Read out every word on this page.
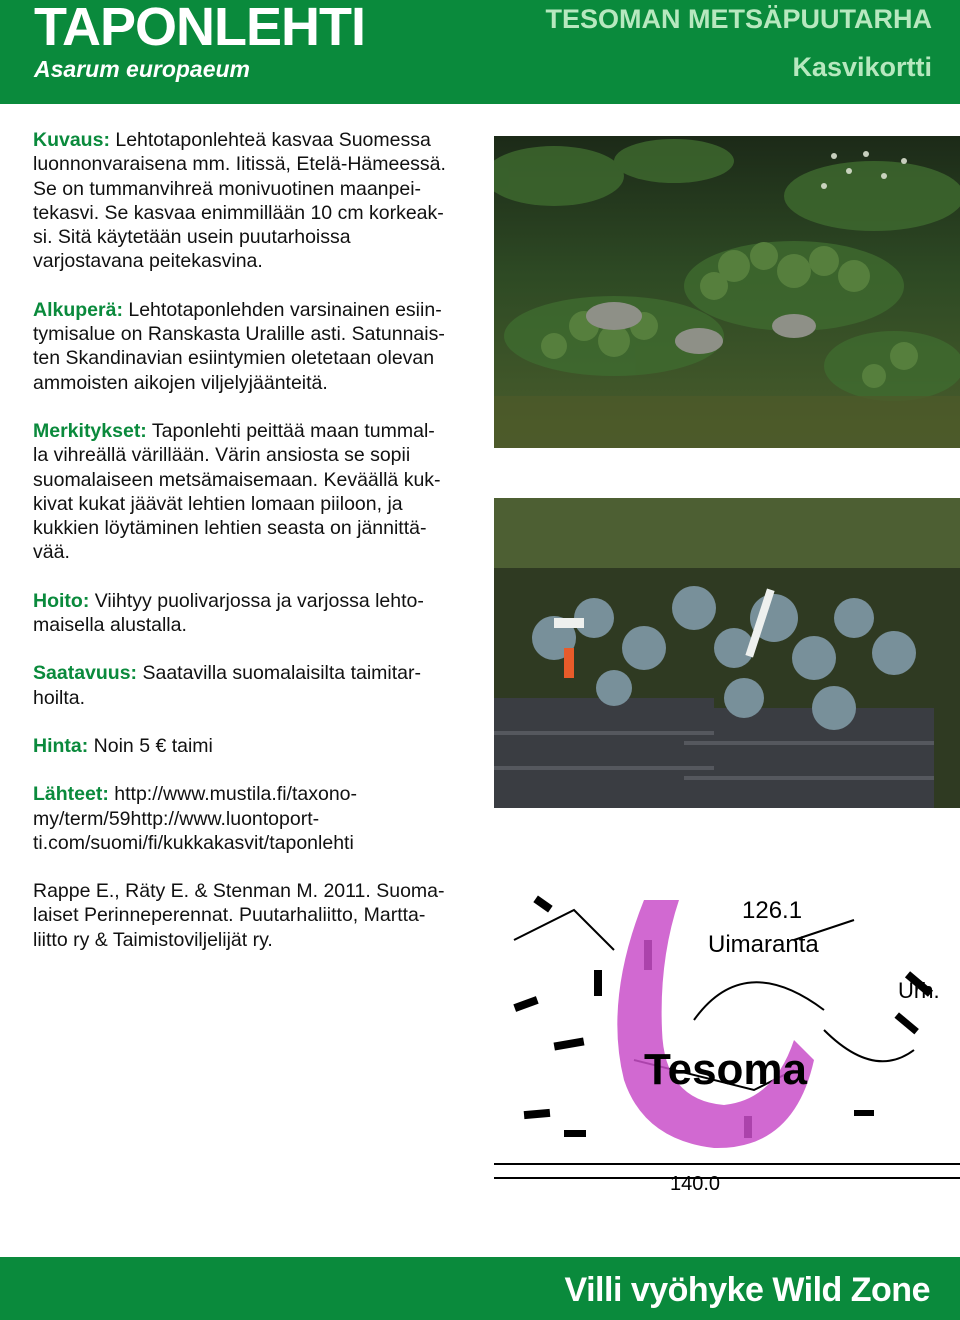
TAPONLEHTI
Asarum europaeum
TESOMAN METSÄPUUTARHA
Kasvikortti

Kuvaus: Lehtotaponlehteä kasvaa Suomessa
luonnonvaraisena mm. Iitissä, Etelä-Hämeessä.
Se on tummanvihreä monivuotinen maanpei-
tekasvi. Se kasvaa enimmillään 10 cm korkeak-
si. Sitä käytetään usein puutarhoissa
varjostavana peitekasvina.

Alkuperä: Lehtotaponlehden varsinainen esiin-
tymisalue on Ranskasta Uralille asti. Satunnais-
ten Skandinavian esiintymien oletetaan olevan
ammoisten aikojen viljelyjäänteitä.

Merkitykset: Taponlehti peittää maan tummal-
la vihreällä värillään. Värin ansiosta se sopii
suomalaiseen metsämaisemaan. Keväällä kuk-
kivat kukat jäävät lehtien lomaan piiloon, ja
kukkien löytäminen lehtien seasta on jännittä-
vää.

Hoito: Viihtyy puolivarjossa ja varjossa lehto-
maisella alustalla.

Saatavuus: Saatavilla suomalaisilta taimitar-
hoilta.

Hinta: Noin 5 € taimi

Lähteet: http://www.mustila.fi/taxono-
my/term/59http://www.luontoport-
ti.com/suomi/fi/kukkakasvit/taponlehti

Rappe E., Räty E. & Stenman M. 2011. Suoma-
laiset Perinneperennat. Puutarhaliitto, Martta-
liitto ry & Taimistoviljelijät ry.

126.1
Uimaranta
Urh.
Tesoma
140.0
Villi vyöhyke Wild Zone
